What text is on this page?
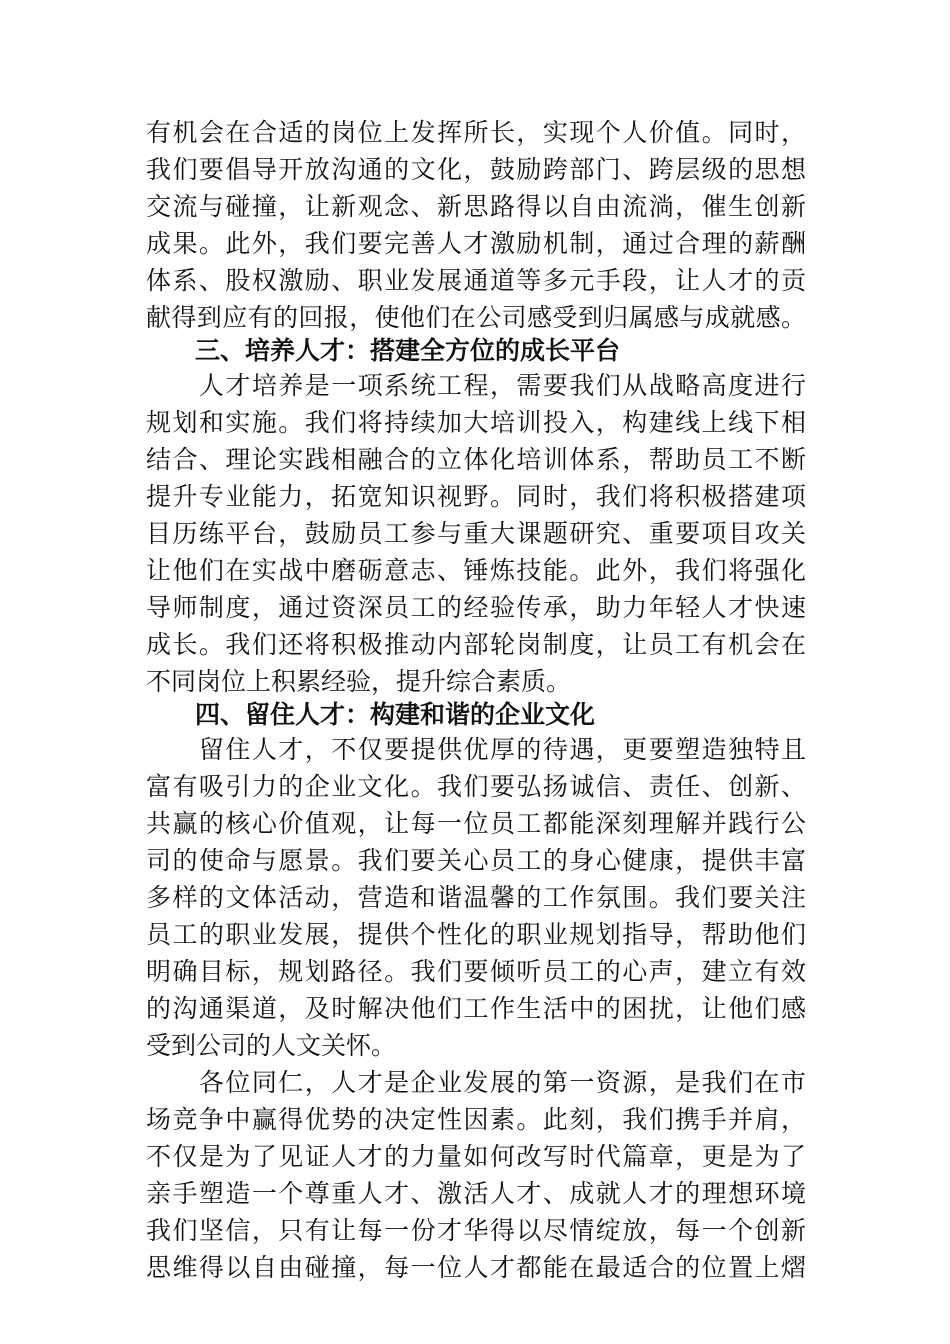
有机会在合适的岗位上发挥所长，实现个人价值。同时，
我们要倡导开放沟通的文化，鼓励跨部门、跨层级的思想
交流与碰撞，让新观念、新思路得以自由流淌，催生创新
成果。此外，我们要完善人才激励机制，通过合理的薪酬
体系、股权激励、职业发展通道等多元手段，让人才的贡
献得到应有的回报，使他们在公司感受到归属感与成就感。
三、培养人才：搭建全方位的成长平台
　　人才培养是一项系统工程，需要我们从战略高度进行
规划和实施。我们将持续加大培训投入，构建线上线下相
结合、理论实践相融合的立体化培训体系，帮助员工不断
提升专业能力，拓宽知识视野。同时，我们将积极搭建项
目历练平台，鼓励员工参与重大课题研究、重要项目攻关
让他们在实战中磨砺意志、锤炼技能。此外，我们将强化
导师制度，通过资深员工的经验传承，助力年轻人才快速
成长。我们还将积极推动内部轮岗制度，让员工有机会在
不同岗位上积累经验，提升综合素质。
四、留住人才：构建和谐的企业文化
　　留住人才，不仅要提供优厚的待遇，更要塑造独特且
富有吸引力的企业文化。我们要弘扬诚信、责任、创新、
共赢的核心价值观，让每一位员工都能深刻理解并践行公
司的使命与愿景。我们要关心员工的身心健康，提供丰富
多样的文体活动，营造和谐温馨的工作氛围。我们要关注
员工的职业发展，提供个性化的职业规划指导，帮助他们
明确目标，规划路径。我们要倾听员工的心声，建立有效
的沟通渠道，及时解决他们工作生活中的困扰，让他们感
受到公司的人文关怀。
　　各位同仁，人才是企业发展的第一资源，是我们在市
场竞争中赢得优势的决定性因素。此刻，我们携手并肩，
不仅是为了见证人才的力量如何改写时代篇章，更是为了
亲手塑造一个尊重人才、激活人才、成就人才的理想环境
我们坚信，只有让每一份才华得以尽情绽放，每一个创新
思维得以自由碰撞，每一位人才都能在最适合的位置上熠
